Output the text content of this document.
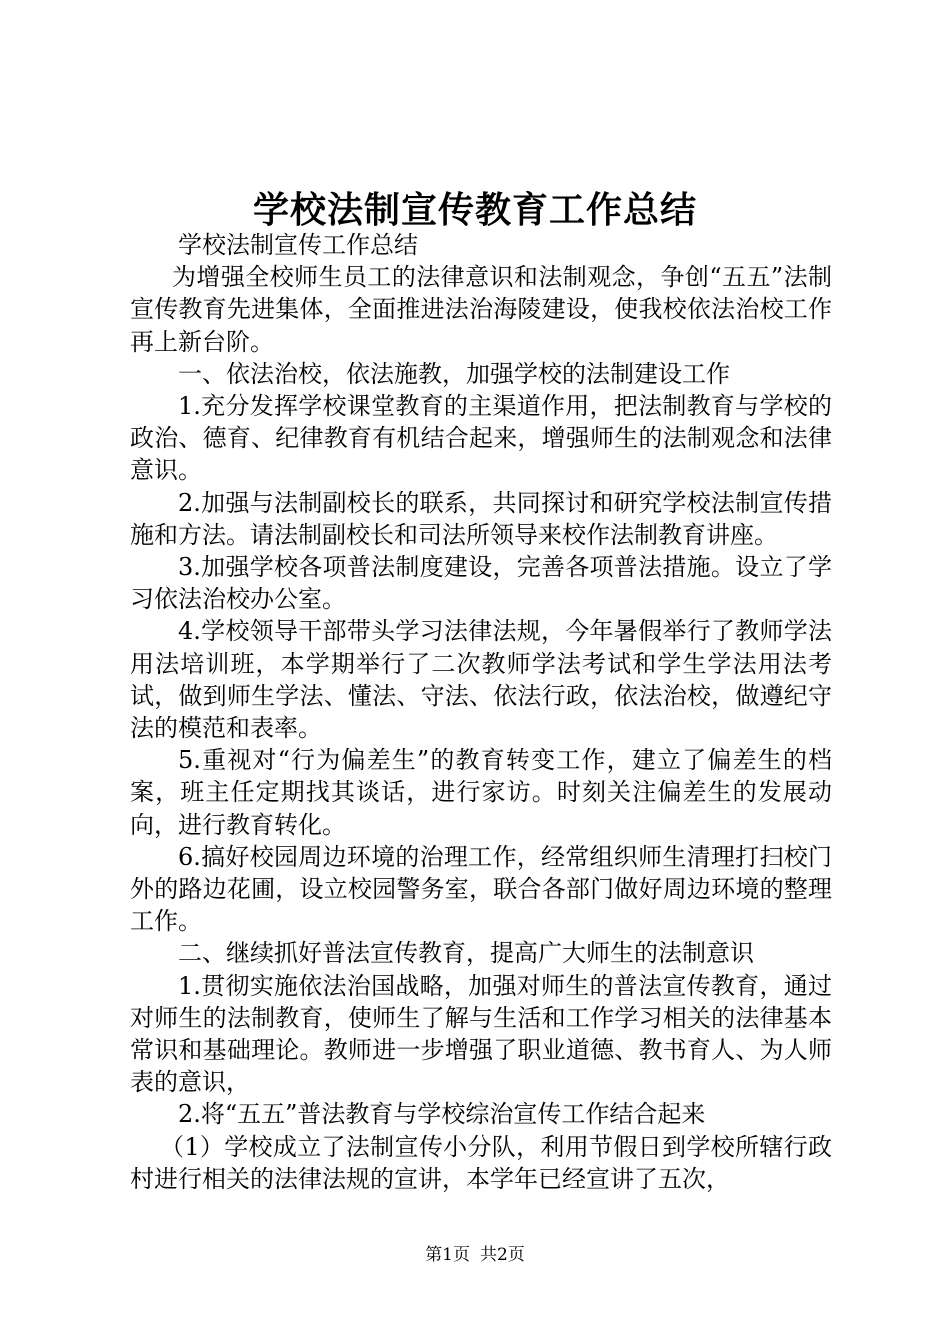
学校法制宣传教育工作总结

学校法制宣传工作总结

为增强全校师生员工的法律意识和法制观念，争创“五五”法制宣传教育先进集体，全面推进法治海陵建设，使我校依法治校工作再上新台阶。

一、依法治校，依法施教，加强学校的法制建设工作

1.充分发挥学校课堂教育的主渠道作用，把法制教育与学校的政治、德育、纪律教育有机结合起来，增强师生的法制观念和法律意识。

2.加强与法制副校长的联系，共同探讨和研究学校法制宣传措施和方法。请法制副校长和司法所领导来校作法制教育讲座。

3.加强学校各项普法制度建设，完善各项普法措施。设立了学习依法治校办公室。

4.学校领导干部带头学习法律法规，今年暑假举行了教师学法用法培训班，本学期举行了二次教师学法考试和学生学法用法考试，做到师生学法、懂法、守法、依法行政，依法治校，做遵纪守法的模范和表率。

5.重视对“行为偏差生”的教育转变工作，建立了偏差生的档案，班主任定期找其谈话，进行家访。时刻关注偏差生的发展动向，进行教育转化。

6.搞好校园周边环境的治理工作，经常组织师生清理打扫校门外的路边花圃，设立校园警务室，联合各部门做好周边环境的整理工作。

二、继续抓好普法宣传教育，提高广大师生的法制意识

1.贯彻实施依法治国战略，加强对师生的普法宣传教育，通过对师生的法制教育，使师生了解与生活和工作学习相关的法律基本常识和基础理论。教师进一步增强了职业道德、教书育人、为人师表的意识，

2.将“五五”普法教育与学校综治宣传工作结合起来

（1）学校成立了法制宣传小分队，利用节假日到学校所辖行政村进行相关的法律法规的宣讲，本学年已经宣讲了五次，

第1页 共2页
